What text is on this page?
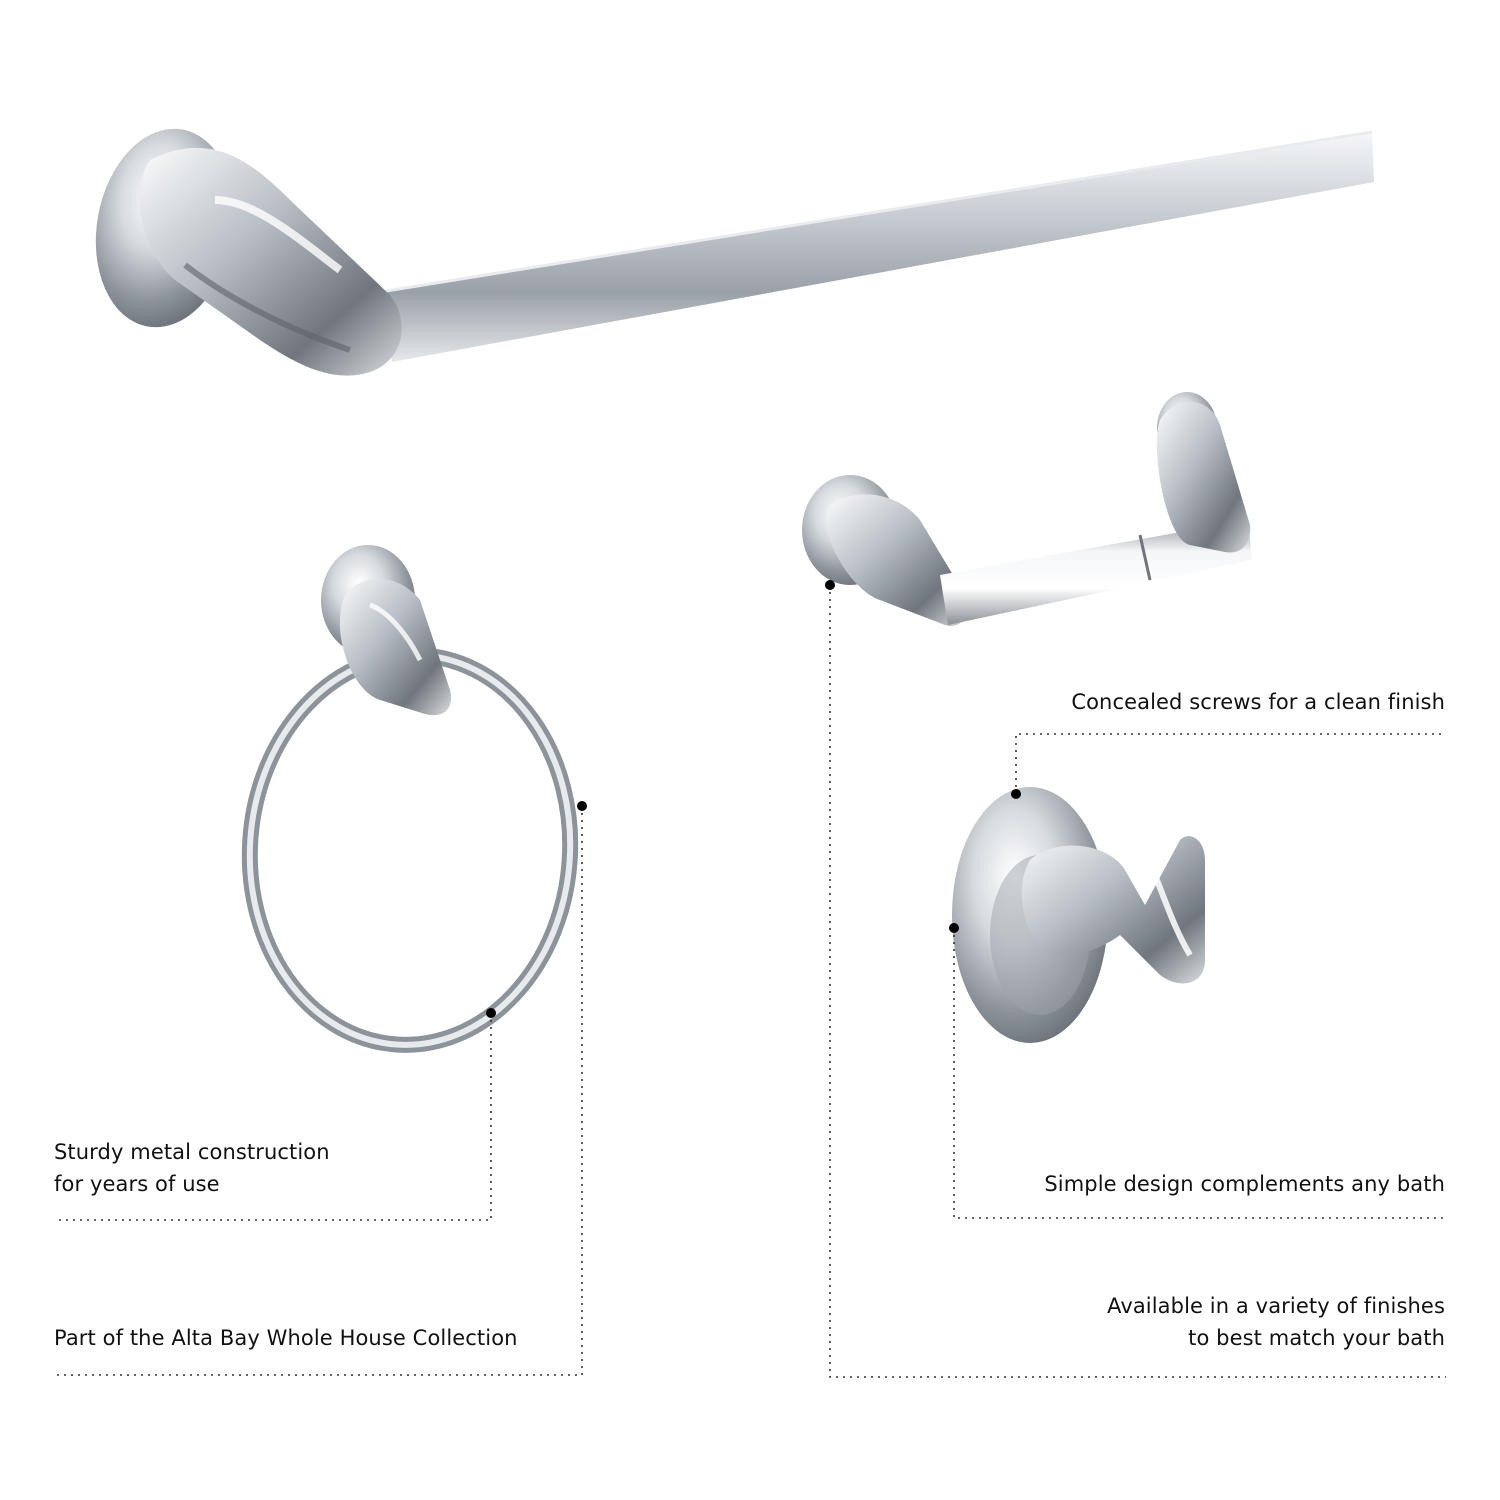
Sturdy metal construction
for years of use
Part of the Alta Bay Whole House Collection
Concealed screws for a clean finish
Simple design complements any bath
Available in a variety of finishes
to best match your bath
